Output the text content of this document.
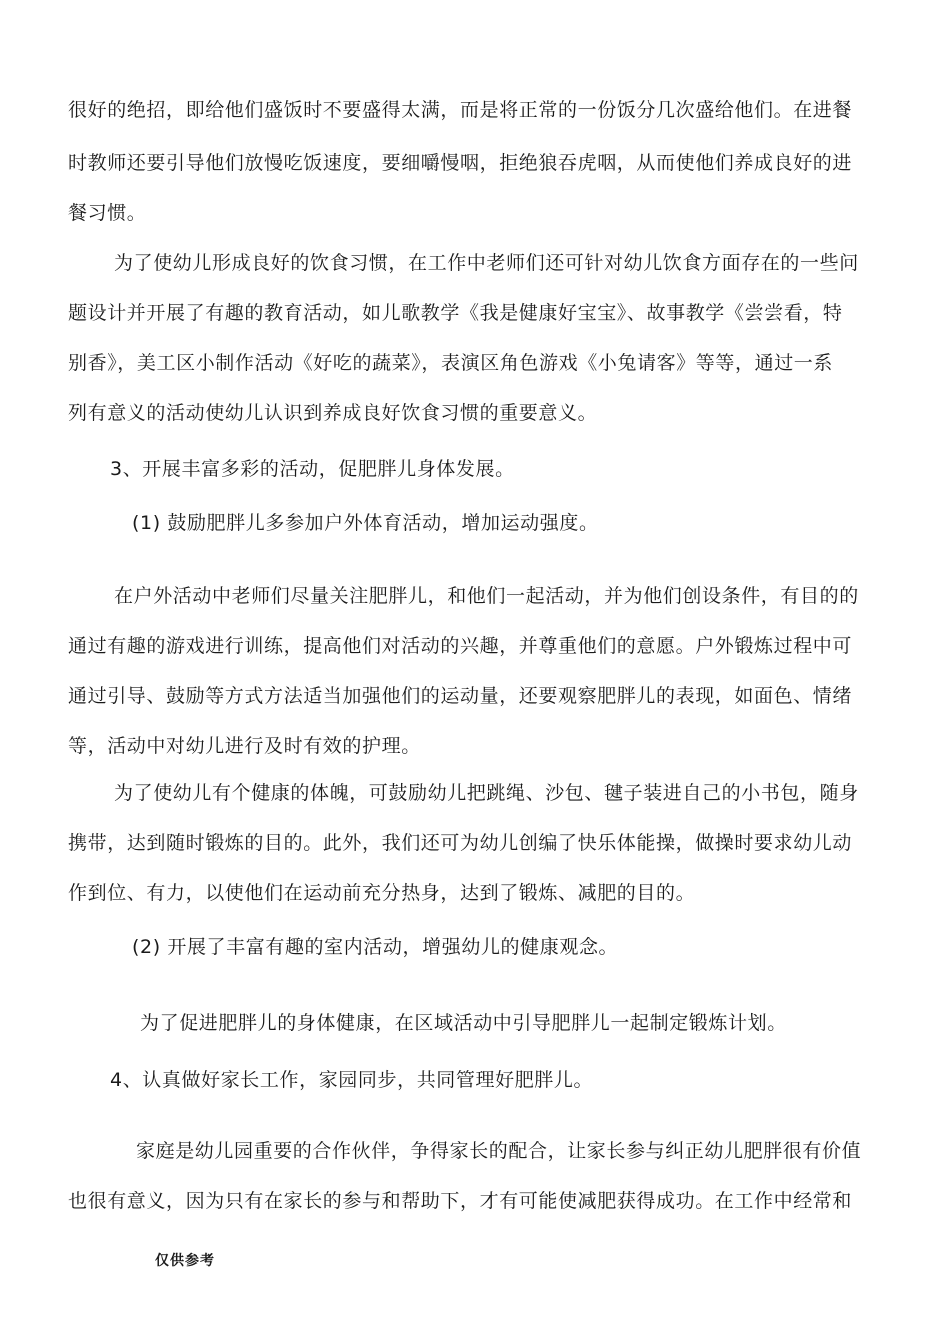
很好的绝招，即给他们盛饭时不要盛得太满，而是将正常的一份饭分几次盛给他们。在进餐
时教师还要引导他们放慢吃饭速度，要细嚼慢咽，拒绝狼吞虎咽，从而使他们养成良好的进
餐习惯。
为了使幼儿形成良好的饮食习惯，在工作中老师们还可针对幼儿饮食方面存在的一些问
题设计并开展了有趣的教育活动，如儿歌教学《我是健康好宝宝》、故事教学《尝尝看，特
别香》，美工区小制作活动《好吃的蔬菜》，表演区角色游戏《小兔请客》等等，通过一系
列有意义的活动使幼儿认识到养成良好饮食习惯的重要意义。
3、开展丰富多彩的活动，促肥胖儿身体发展。
(1) 鼓励肥胖儿多参加户外体育活动，增加运动强度。
在户外活动中老师们尽量关注肥胖儿，和他们一起活动，并为他们创设条件，有目的的
通过有趣的游戏进行训练，提高他们对活动的兴趣，并尊重他们的意愿。户外锻炼过程中可
通过引导、鼓励等方式方法适当加强他们的运动量，还要观察肥胖儿的表现，如面色、情绪
等，活动中对幼儿进行及时有效的护理。
为了使幼儿有个健康的体魄，可鼓励幼儿把跳绳、沙包、毽子装进自己的小书包，随身
携带，达到随时锻炼的目的。此外，我们还可为幼儿创编了快乐体能操，做操时要求幼儿动
作到位、有力，以使他们在运动前充分热身，达到了锻炼、减肥的目的。
(2) 开展了丰富有趣的室内活动，增强幼儿的健康观念。
为了促进肥胖儿的身体健康，在区域活动中引导肥胖儿一起制定锻炼计划。
4、认真做好家长工作，家园同步，共同管理好肥胖儿。
家庭是幼儿园重要的合作伙伴，争得家长的配合，让家长参与纠正幼儿肥胖很有价值
也很有意义，因为只有在家长的参与和帮助下，才有可能使减肥获得成功。在工作中经常和
仅供参考
